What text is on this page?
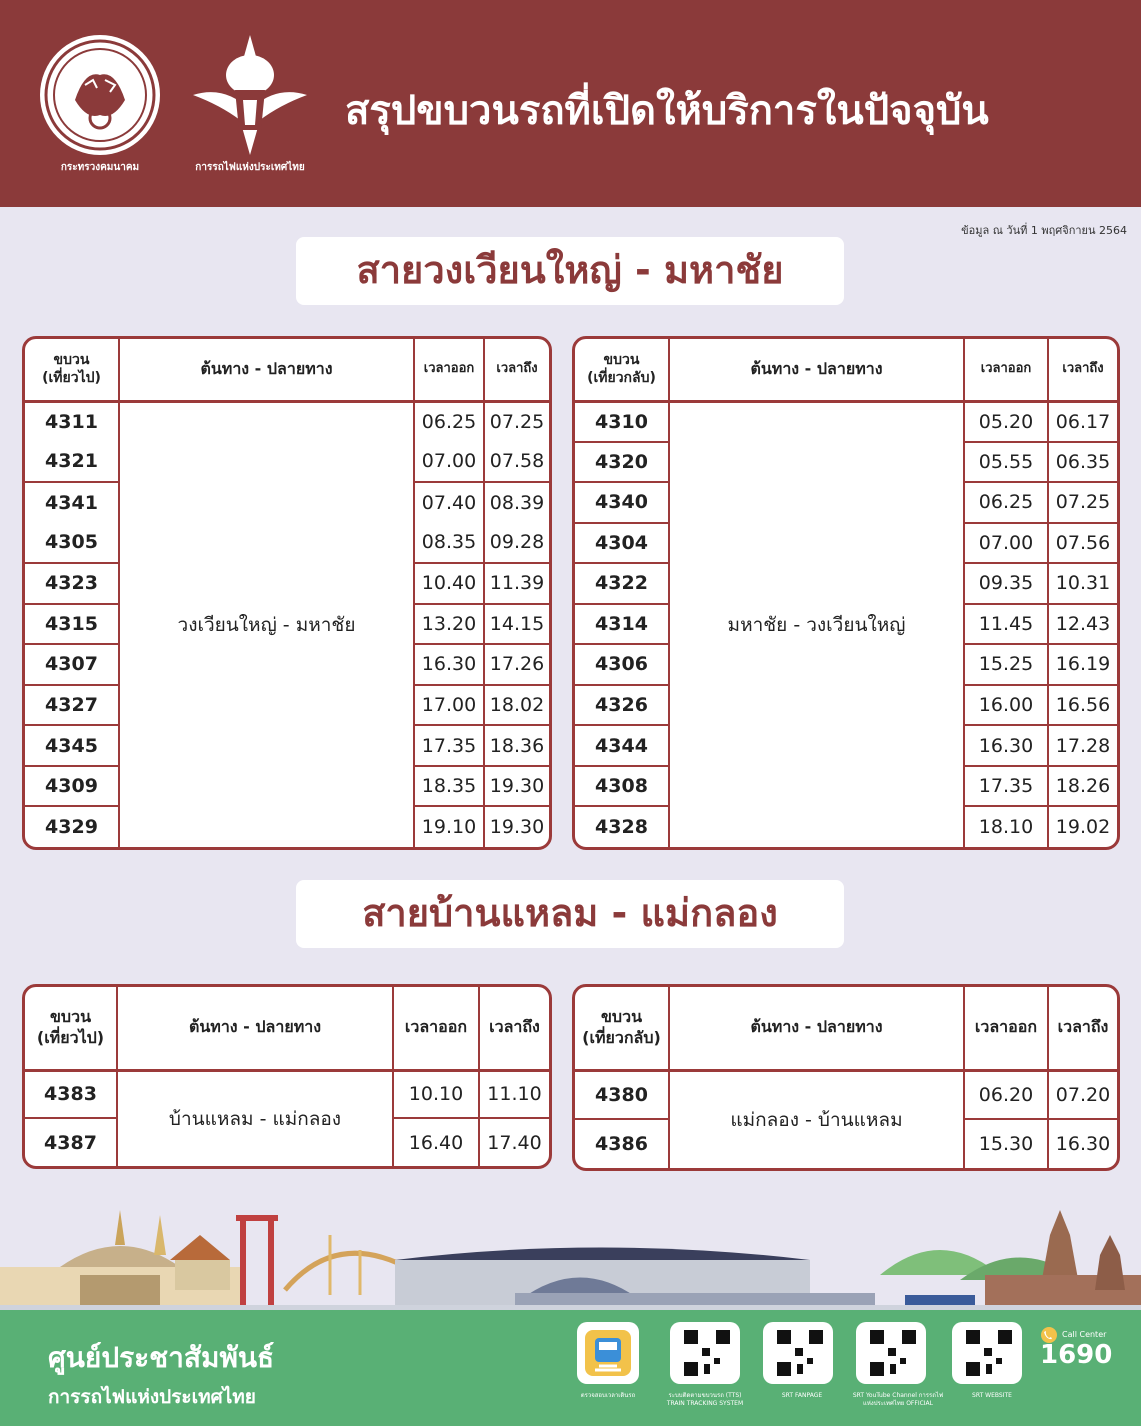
กระทรวงคมนาคม	การรถไฟแห่งประเทศไทย
สรุปขบวนรถที่เปิดให้บริการในปัจจุบัน
ข้อมูล ณ วันที่ 1 พฤศจิกายน 2564
สายวงเวียนใหญ่ - มหาชัย
ขบวน
(เที่ยวไป)	ต้นทาง - ปลายทาง	เวลาออก	เวลาถึง
4311	วงเวียนใหญ่ - มหาชัย	06.25	07.25
4321		07.00	07.58
4341		07.40	08.39
4305		08.35	09.28
4323		10.40	11.39
4315		13.20	14.15
4307		16.30	17.26
4327		17.00	18.02
4345		17.35	18.36
4309		18.35	19.30
4329		19.10	19.30
ขบวน
(เที่ยวกลับ)	ต้นทาง - ปลายทาง	เวลาออก	เวลาถึง
4310	มหาชัย - วงเวียนใหญ่	05.20	06.17
4320		05.55	06.35
4340		06.25	07.25
4304		07.00	07.56
4322		09.35	10.31
4314		11.45	12.43
4306		15.25	16.19
4326		16.00	16.56
4344		16.30	17.28
4308		17.35	18.26
4328		18.10	19.02
สายบ้านแหลม - แม่กลอง
ขบวน
(เที่ยวไป)	ต้นทาง - ปลายทาง	เวลาออก	เวลาถึง
4383	บ้านแหลม - แม่กลอง	10.10	11.10
4387		16.40	17.40
ขบวน
(เที่ยวกลับ)	ต้นทาง - ปลายทาง	เวลาออก	เวลาถึง
4380	แม่กลอง - บ้านแหลม	06.20	07.20
4386		15.30	16.30
ศูนย์ประชาสัมพันธ์
การรถไฟแห่งประเทศไทย	ตรวจสอบเวลาเดินรถ	ระบบติดตามขบวนรถ (TTS) TRAIN TRACKING SYSTEM
SRT FANPAGE	SRT YouTube Channel การรถไฟแห่งประเทศไทย OFFICIAL
SRT WEBSITE
Call Center
1690
